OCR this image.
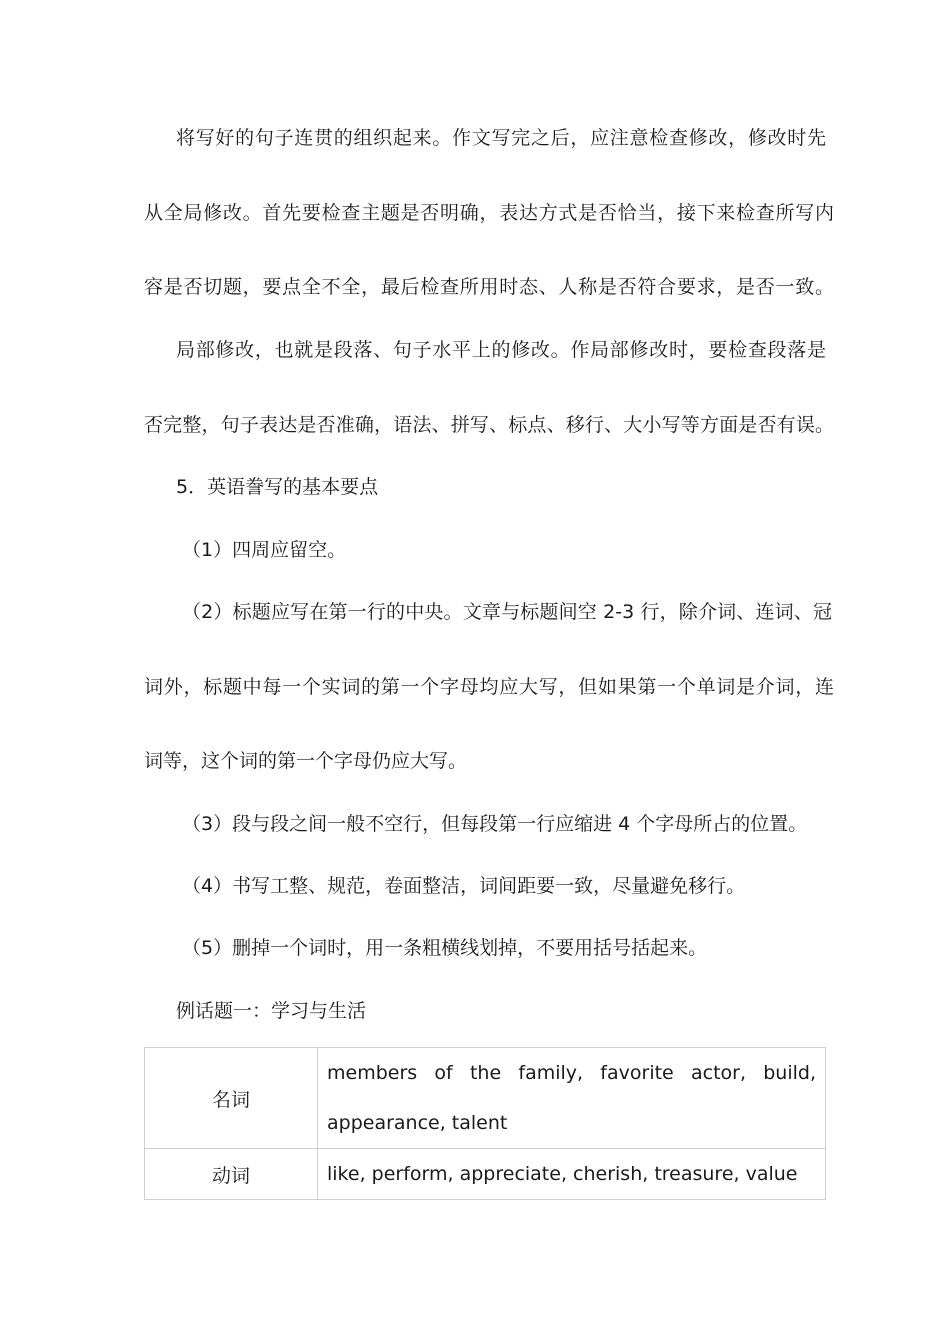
将写好的句子连贯的组织起来。作文写完之后，应注意检查修改，修改时先
从全局修改。首先要检查主题是否明确，表达方式是否恰当，接下来检查所写内
容是否切题，要点全不全，最后检查所用时态、人称是否符合要求，是否一致。
局部修改，也就是段落、句子水平上的修改。作局部修改时，要检查段落是
否完整，句子表达是否准确，语法、拼写、标点、移行、大小写等方面是否有误。
5．英语誊写的基本要点
（1）四周应留空。
（2）标题应写在第一行的中央。文章与标题间空 2-3 行，除介词、连词、冠
词外，标题中每一个实词的第一个字母均应大写，但如果第一个单词是介词，连
词等，这个词的第一个字母仍应大写。
（3）段与段之间一般不空行，但每段第一行应缩进 4 个字母所占的位置。
（4）书写工整、规范，卷面整洁，词间距要一致，尽量避免移行。
（5）删掉一个词时，用一条粗横线划掉，不要用括号括起来。
例话题一：学习与生活
名词	members of the family, favorite actor, build,
appearance, talent

动词	like, perform, appreciate, cherish, treasure, value
